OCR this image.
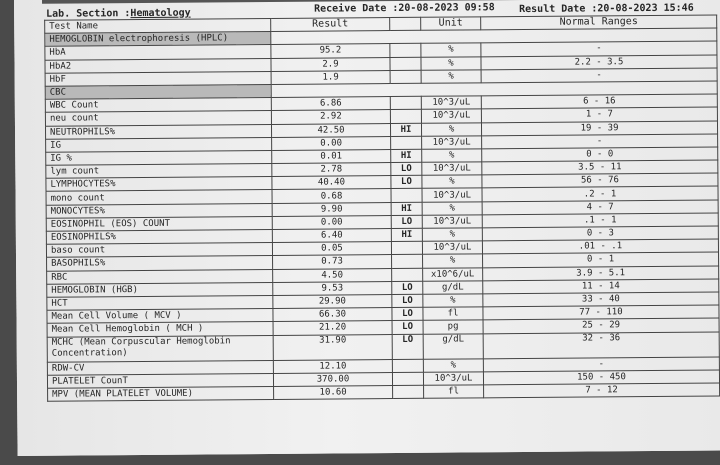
Lab. Section :Hematology	Receive Date :20-08-2023 09:58 Result Date :20-08-2023 15:46
Test Name	Result		Unit	Normal Ranges
HEMOGLOBIN electrophoresis (HPLC)				
HbA	95.2		%	-
HbA2	2.9		%	2.2 - 3.5
HbF	1.9		%	-
CBC				
WBC Count	6.86		10^3/uL	6 - 16
neu count	2.92		10^3/uL	1 - 7
NEUTROPHILS%	42.50	HI	%	19 - 39
IG	0.00		10^3/uL	-
IG %	0.01	HI	%	0 - 0
lym count	2.78	LO	10^3/uL	3.5 - 11
LYMPHOCYTES%	40.40	LO	%	56 - 76
mono count	0.68		10^3/uL	.2 - 1
MONOCYTES%	9.90	HI	%	4 - 7
EOSINOPHIL (EOS) COUNT	0.00	LO	10^3/uL	.1 - 1
EOSINOPHILS%	6.40	HI	%	0 - 3
baso count	0.05		10^3/uL	.01 - .1
BASOPHILS%	0.73		%	0 - 1
RBC	4.50		x10^6/uL	3.9 - 5.1
HEMOGLOBIN (HGB)	9.53	LO	g/dL	11 - 14
HCT	29.90	LO	%	33 - 40
Mean Cell Volume ( MCV )	66.30	LO	fl	77 - 110
Mean Cell Hemoglobin ( MCH )	21.20	LO	pg	25 - 29
MCHC (Mean Corpuscular Hemoglobin Concentration)	31.90	LO	g/dL	32 - 36
RDW-CV	12.10		%	-
PLATELET CounT	370.00		10^3/uL	150 - 450
MPV (MEAN PLATELET VOLUME)	10.60		fl	7 - 12
